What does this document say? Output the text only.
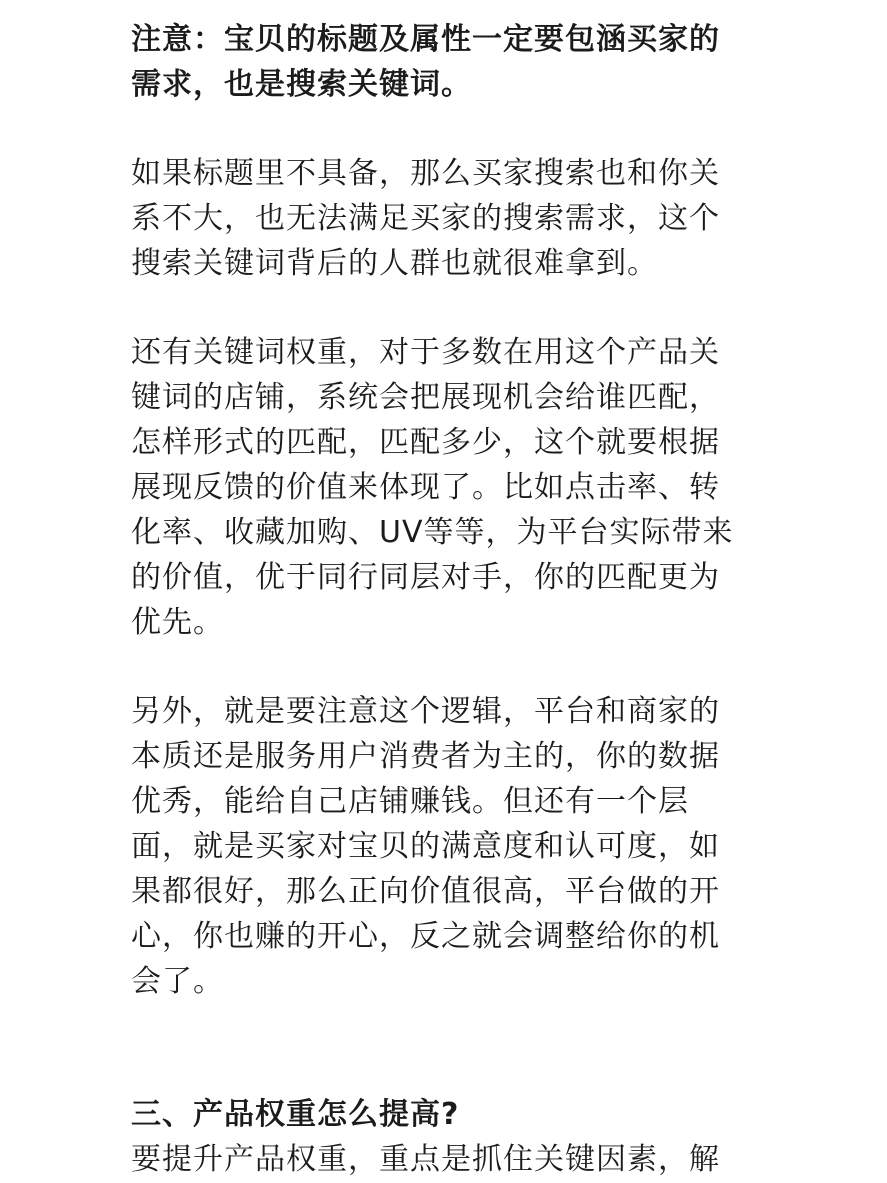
注意：宝贝的标题及属性一定要包涵买家的

需求，也是搜索关键词。

如果标题里不具备，那么买家搜索也和你关

系不大，也无法满足买家的搜索需求，这个

搜索关键词背后的人群也就很难拿到。

还有关键词权重，对于多数在用这个产品关

键词的店铺，系统会把展现机会给谁匹配，

怎样形式的匹配，匹配多少，这个就要根据

展现反馈的价值来体现了。比如点击率、转

化率、收藏加购、UV等等，为平台实际带来

的价值，优于同行同层对手，你的匹配更为

优先。

另外，就是要注意这个逻辑，平台和商家的

本质还是服务用户消费者为主的，你的数据

优秀，能给自己店铺赚钱。但还有一个层

面，就是买家对宝贝的满意度和认可度，如

果都很好，那么正向价值很高，平台做的开

心，你也赚的开心，反之就会调整给你的机

会了。

三、产品权重怎么提高?

要提升产品权重，重点是抓住关键因素，解
